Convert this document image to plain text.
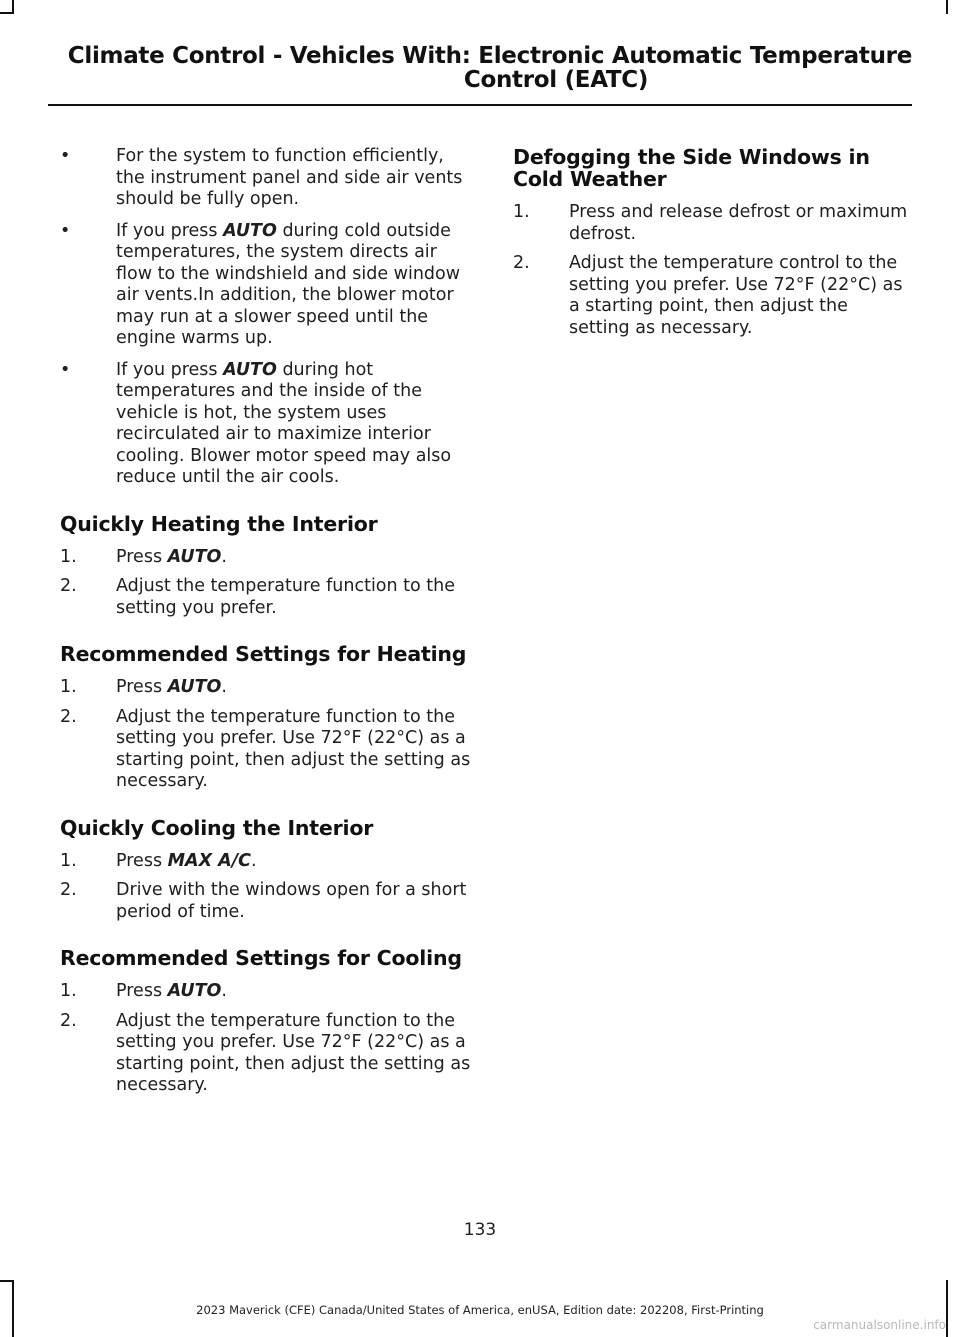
Climate Control - Vehicles With: Electronic Automatic Temperature
Control (EATC)
•	For the system to function efficiently, the instrument panel and side air vents should be fully open.
•	If you press AUTO during cold outside temperatures, the system directs air flow to the windshield and side window air vents.In addition, the blower motor may run at a slower speed until the engine warms up.
•	If you press AUTO during hot temperatures and the inside of the vehicle is hot, the system uses recirculated air to maximize interior cooling. Blower motor speed may also reduce until the air cools.
Quickly Heating the Interior
1. Press AUTO.
2. Adjust the temperature function to the setting you prefer.
Recommended Settings for Heating
1. Press AUTO.
2. Adjust the temperature function to the setting you prefer. Use 72°F (22°C) as a starting point, then adjust the setting as necessary.
Quickly Cooling the Interior
1. Press MAX A/C.
2. Drive with the windows open for a short period of time.
Recommended Settings for Cooling
1. Press AUTO.
2. Adjust the temperature function to the setting you prefer. Use 72°F (22°C) as a starting point, then adjust the setting as necessary.
Defogging the Side Windows in Cold Weather
1. Press and release defrost or maximum defrost.
2. Adjust the temperature control to the setting you prefer. Use 72°F (22°C) as a starting point, then adjust the setting as necessary.
133
2023 Maverick (CFE) Canada/United States of America, enUSA, Edition date: 202208, First-Printing
carmanualsonline.info
